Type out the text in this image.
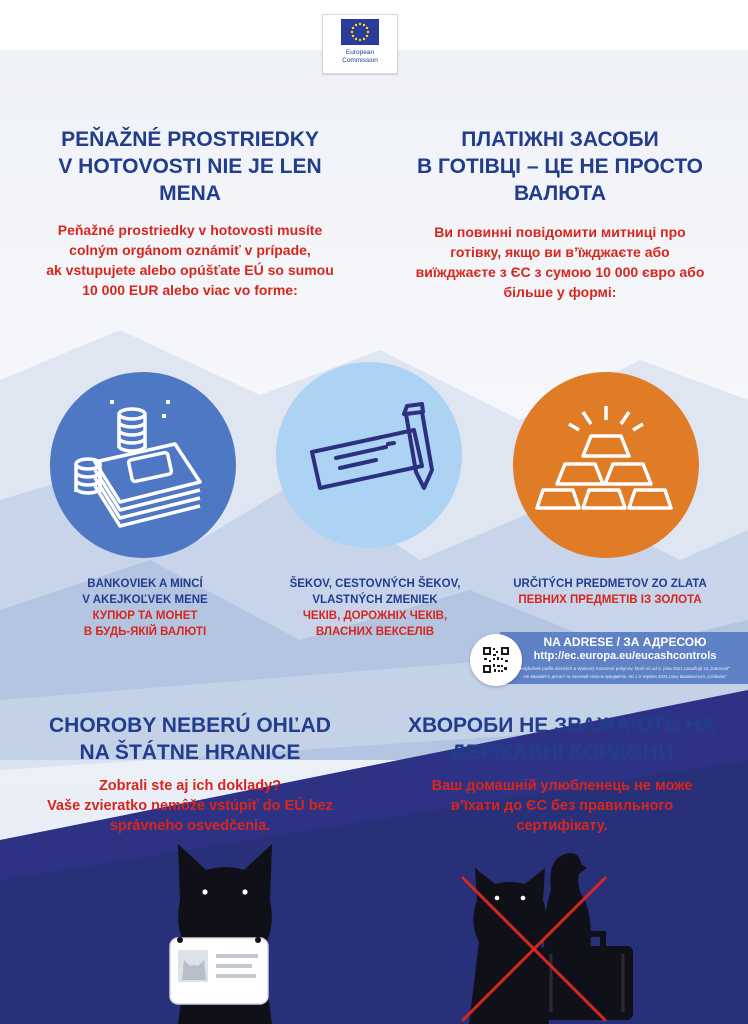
European
Commission
PEŇAŽNÉ PROSTRIEDKY
V HOTOVOSTI NIE JE LEN
MENA
ПЛАТІЖНІ ЗАСОБИ
В ГОТІВЦІ – ЦЕ НЕ ПРОСТО
ВАЛЮТА
Peňažné prostriedky v hotovosti musíte
colným orgánom oznámiť v prípade,
ak vstupujete alebo opúšťate EÚ so sumou
10 000 EUR alebo viac vo forme:
Ви повинні повідомити митниці про
готівку, якщо ви в’їжджаєте або
виїжджаєте з ЄС з сумою 10 000 євро або
більше у формі:
BANKOVIEK A MINCÍ
V AKEJKOĽVEK MENE
КУПЮР ТА МОНЕТ
В БУДЬ-ЯКІЙ ВАЛЮТІ
ŠEKOV, CESTOVNÝCH ŠEKOV,
VLASTNÝCH ZMENIEK
ЧЕКІВ, ДОРОЖНІХ ЧЕКІВ,
ВЛАСНИХ ВЕКСЕЛІВ
URČITÝCH PREDMETOV ZO ZLATA
ПЕВНИХ ПРЕДМЕТІВ ІЗ ЗОЛОТА
NA ADRESE / ЗА АДРЕСОЮ
http://ec.europa.eu/eucashcontrols
Kdykoľvek podľa slovných a výslovný rozumení pokynov, ktoré sú od 3. júna 2021 považujú za „hotovosť“
Не вважайте деталі та значний список предметів, які з 3 червня 2021 року вважаються „готівкою“
CHOROBY NEBERÚ OHĽAD
NA ŠTÁTNE HRANICE
ХВОРОБИ НЕ ЗВАЖАЮТЬ НА
ДЕРЖАВНІ КОРДОНИ
Zobrali ste aj ich doklady?
Vaše zvieratko nemôže vstúpiť do EÚ bez
správneho osvedčenia.
Ваш домашній улюбленець не може
в’їхати до ЄС без правильного
сертифікату.
